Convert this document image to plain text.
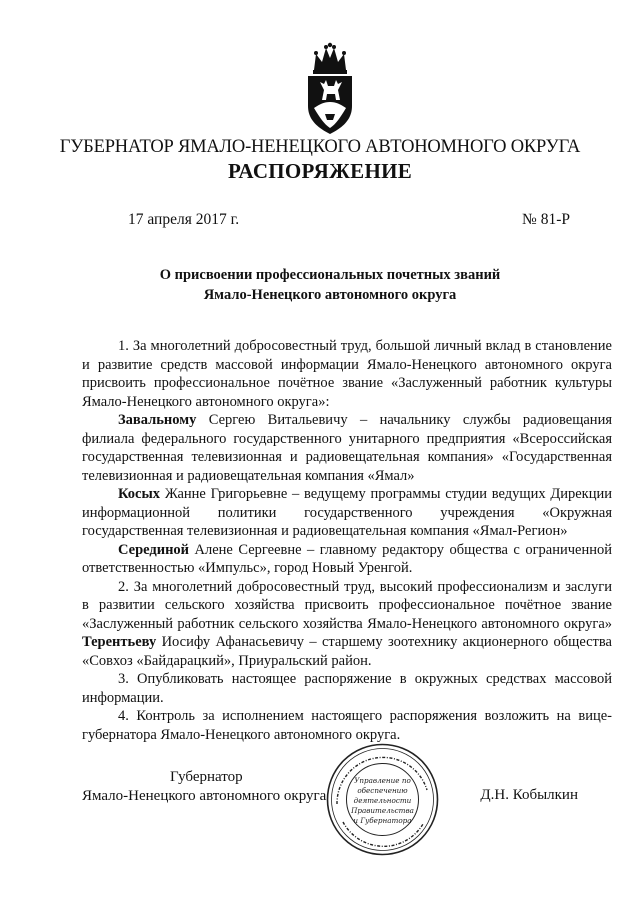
ГУБЕРНАТОР ЯМАЛО-НЕНЕЦКОГО АВТОНОМНОГО ОКРУГА
РАСПОРЯЖЕНИЕ
17 апреля 2017 г.	№ 81-Р
О присвоении профессиональных почетных званий
Ямало-Ненецкого автономного округа

1. За многолетний добросовестный труд, большой личный вклад в становление и развитие средств массовой информации Ямало-Ненецкого автономного округа присвоить профессиональное почётное звание «Заслуженный работник культуры Ямало-Ненецкого автономного округа»:

Завальному Сергею Витальевичу – начальнику службы радиовещания филиала федерального государственного унитарного предприятия «Всероссийская государственная телевизионная и радиовещательная компания» «Государственная телевизионная и радиовещательная компания «Ямал»

Косых Жанне Григорьевне – ведущему программы студии ведущих Дирекции информационной политики государственного учреждения «Окружная государственная телевизионная и радиовещательная компания «Ямал-Регион»

Серединой Алене Сергеевне – главному редактору общества с ограниченной ответственностью «Импульс», город Новый Уренгой.

2. За многолетний добросовестный труд, высокий профессионализм и заслуги в развитии сельского хозяйства присвоить профессиональное почётное звание «Заслуженный работник сельского хозяйства Ямало-Ненецкого автономного округа» Терентьеву Иосифу Афанасьевичу – старшему зоотехнику акционерного общества «Совхоз «Байдарацкий», Приуральский район.

3. Опубликовать настоящее распоряжение в окружных средствах массовой информации.

4. Контроль за исполнением настоящего распоряжения возложить на вице-губернатора Ямало-Ненецкого автономного округа.

Губернатор
Ямало-Ненецкого автономного округа
Управление по
обеспечению
деятельности
Правительства
и Губернатора
Д.Н. Кобылкин
